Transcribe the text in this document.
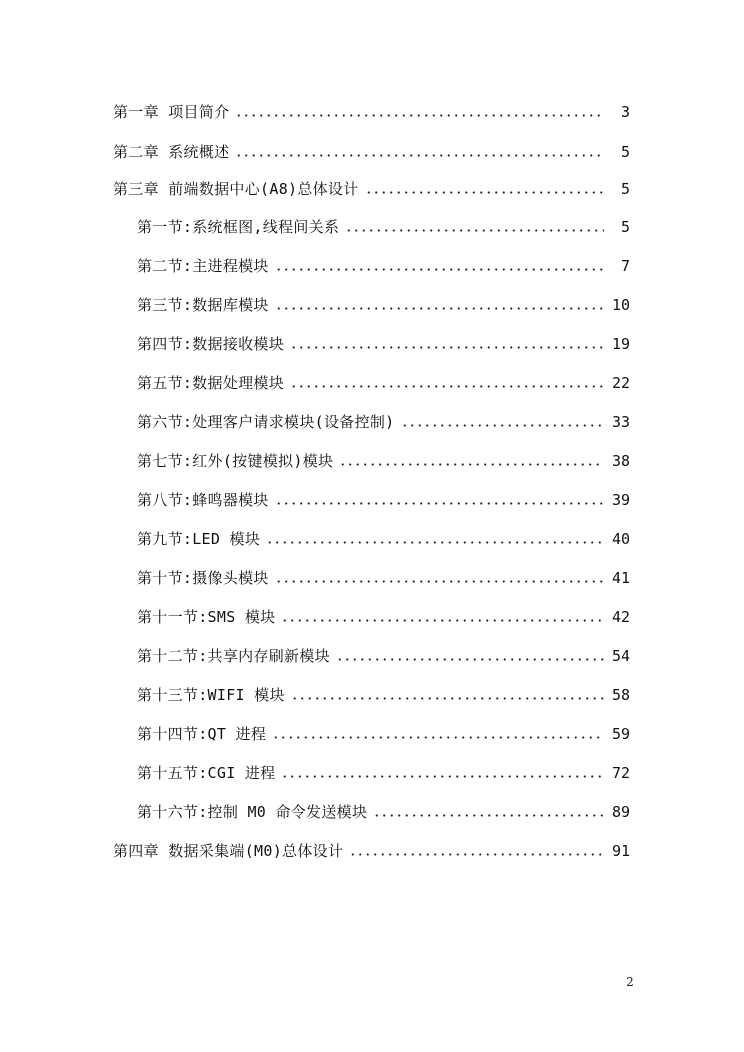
第一章 项目简介	3
第二章 系统概述	5
第三章 前端数据中心(A8)总体设计	5
第一节:系统框图,线程间关系	5
第二节:主进程模块	7
第三节:数据库模块	10
第四节:数据接收模块	19
第五节:数据处理模块	22
第六节:处理客户请求模块(设备控制)	33
第七节:红外(按键模拟)模块	38
第八节:蜂鸣器模块	39
第九节:LED 模块	40
第十节:摄像头模块	41
第十一节:SMS 模块	42
第十二节:共享内存刷新模块	54
第十三节:WIFI 模块	58
第十四节:QT 进程	59
第十五节:CGI 进程	72
第十六节:控制 M0 命令发送模块	89
第四章 数据采集端(M0)总体设计	91
2
